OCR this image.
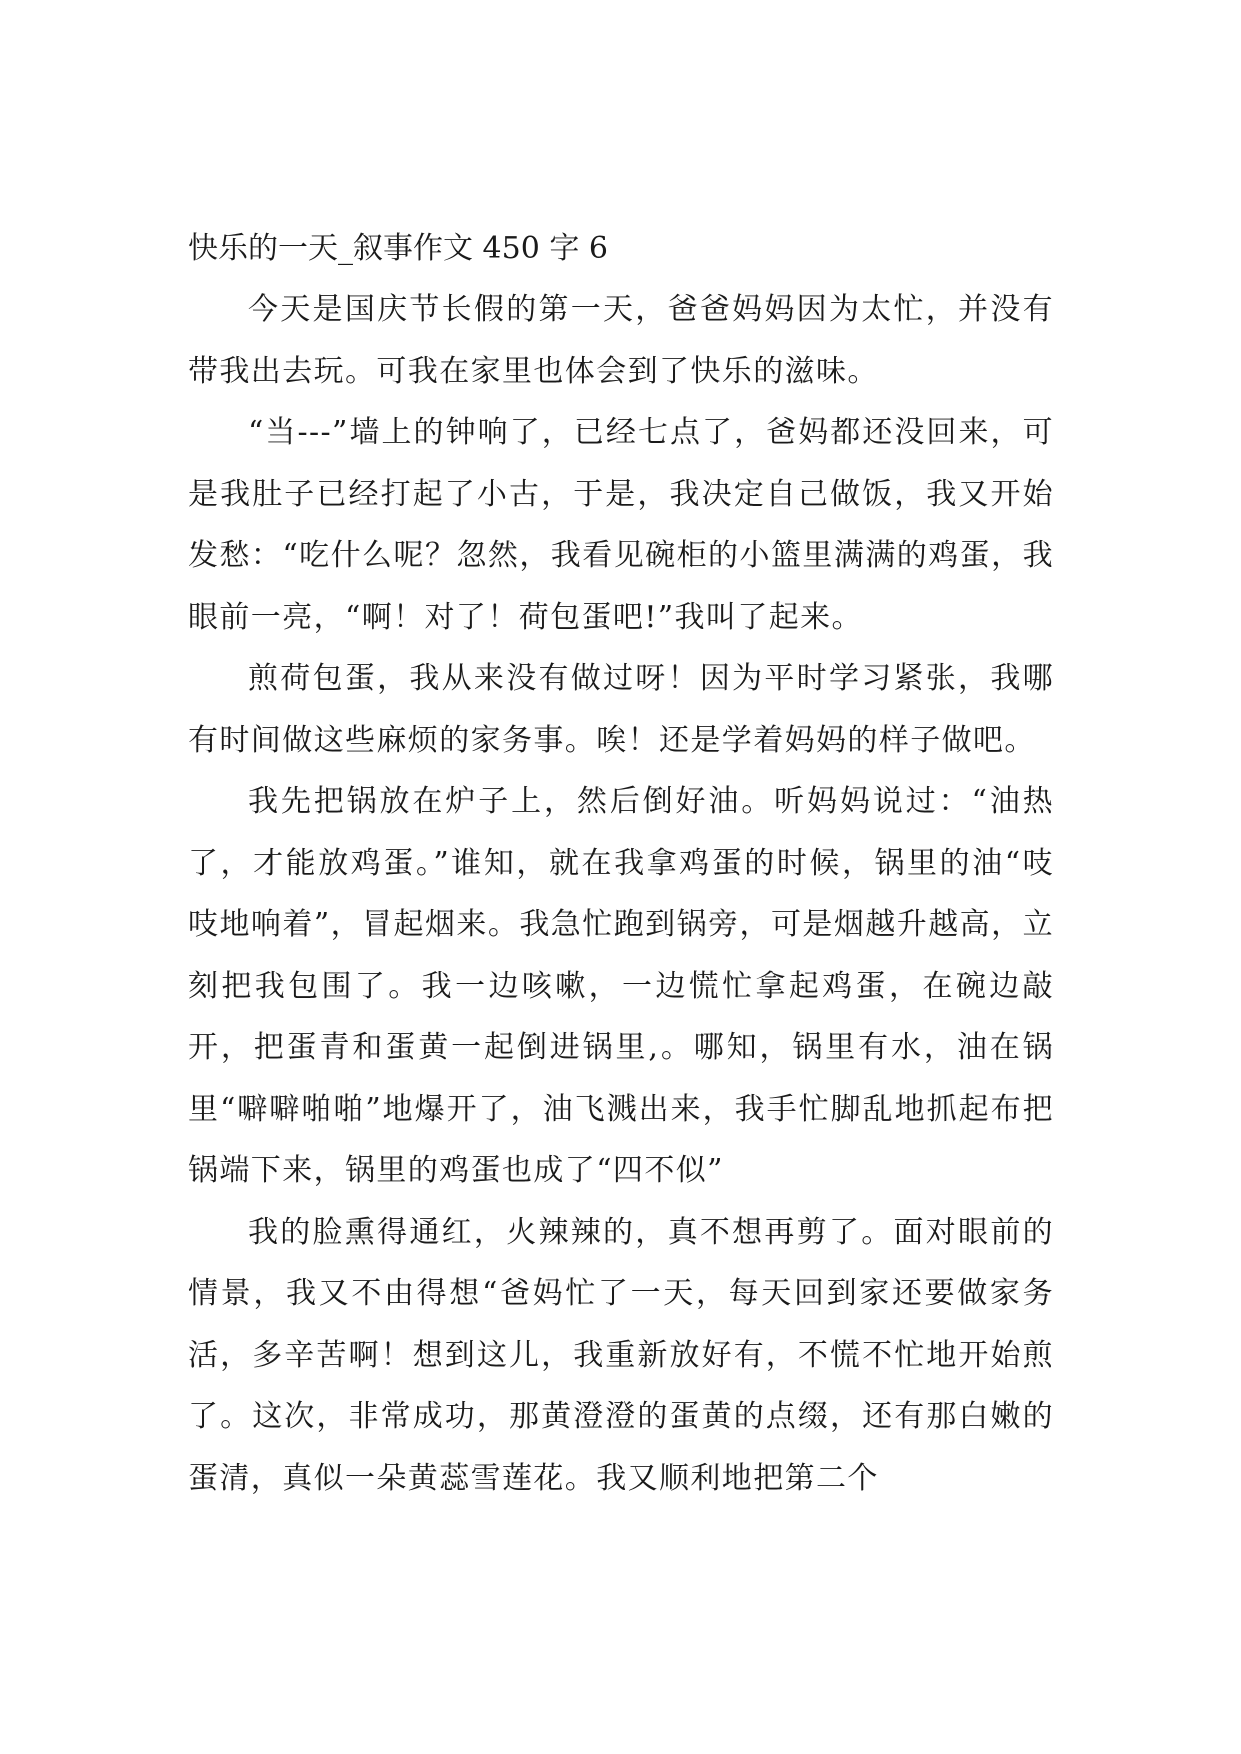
快乐的一天_叙事作文 450 字 6

今天是国庆节长假的第一天，爸爸妈妈因为太忙，并没有带我出去玩。可我在家里也体会到了快乐的滋味。

“当---”墙上的钟响了，已经七点了，爸妈都还没回来，可是我肚子已经打起了小古，于是，我决定自己做饭，我又开始发愁：“吃什么呢？忽然，我看见碗柜的小篮里满满的鸡蛋，我眼前一亮，“啊！对了！荷包蛋吧!”我叫了起来。

煎荷包蛋，我从来没有做过呀！因为平时学习紧张，我哪有时间做这些麻烦的家务事。唉！还是学着妈妈的样子做吧。

我先把锅放在炉子上，然后倒好油。听妈妈说过：“油热了，才能放鸡蛋。”谁知，就在我拿鸡蛋的时候，锅里的油“吱吱地响着”，冒起烟来。我急忙跑到锅旁，可是烟越升越高，立刻把我包围了。我一边咳嗽，一边慌忙拿起鸡蛋，在碗边敲开，把蛋青和蛋黄一起倒进锅里,。哪知，锅里有水，油在锅里“噼噼啪啪”地爆开了，油飞溅出来，我手忙脚乱地抓起布把锅端下来，锅里的鸡蛋也成了“四不似”

我的脸熏得通红，火辣辣的，真不想再剪了。面对眼前的情景，我又不由得想“爸妈忙了一天，每天回到家还要做家务活，多辛苦啊！想到这儿，我重新放好有，不慌不忙地开始煎了。这次，非常成功，那黄澄澄的蛋黄的点缀，还有那白嫩的蛋清，真似一朵黄蕊雪莲花。我又顺利地把第二个
